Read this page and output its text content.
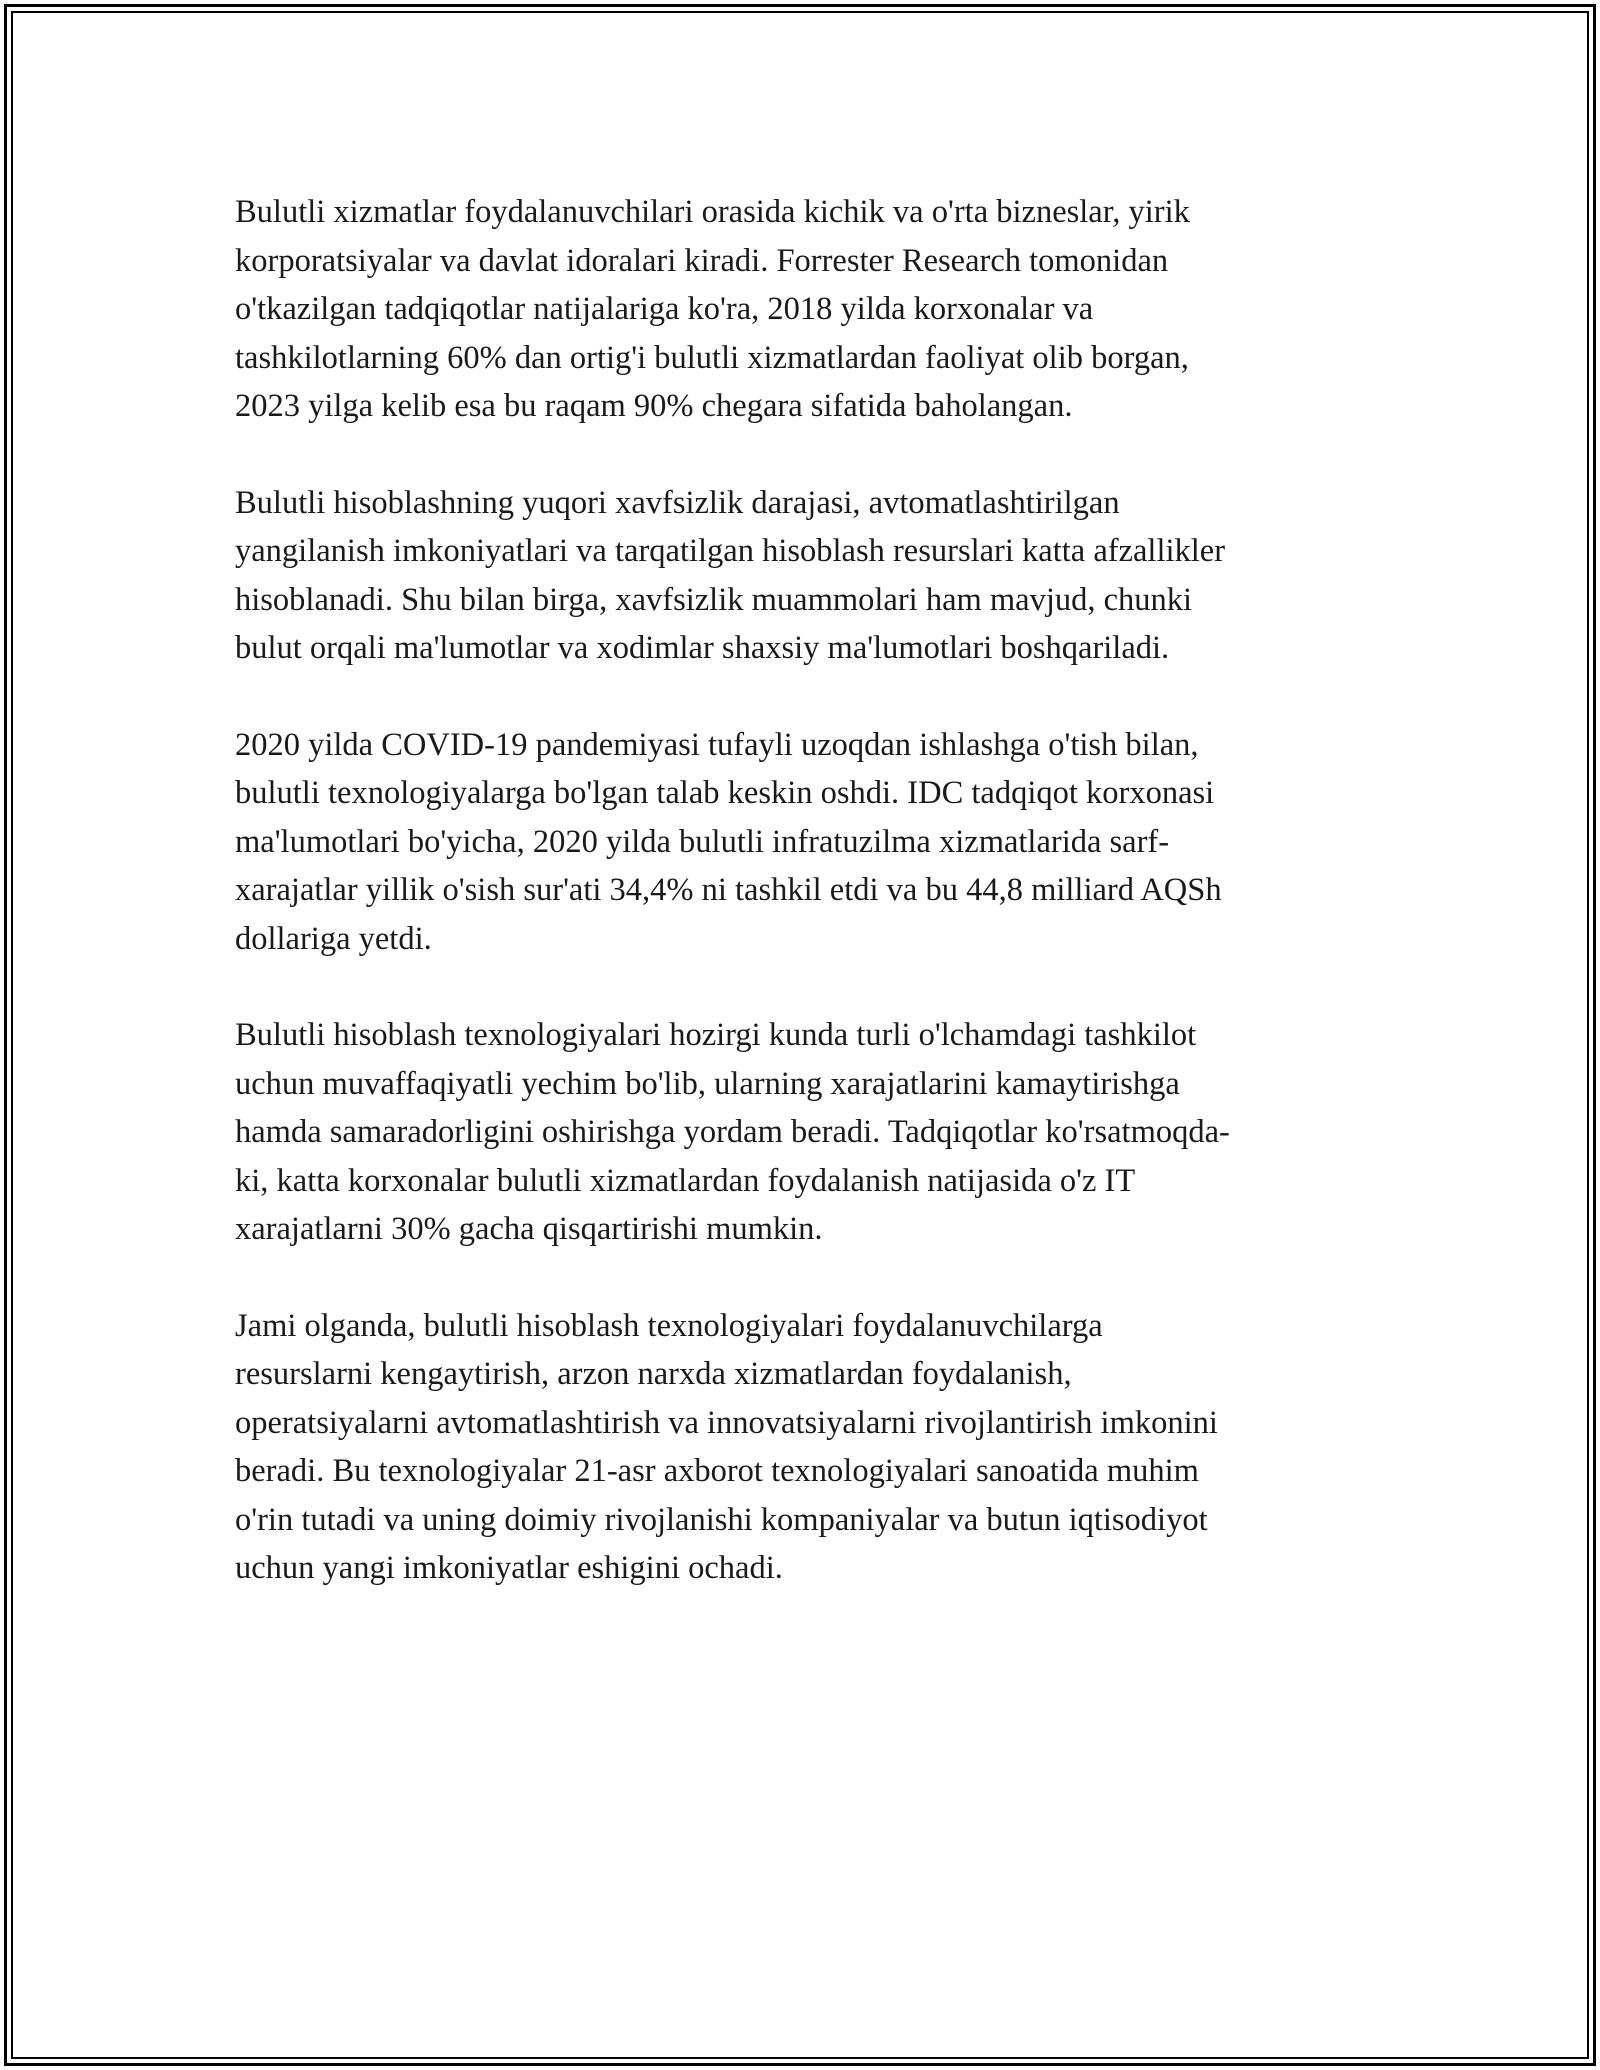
Bulutli xizmatlar foydalanuvchilari orasida kichik va o'rta bizneslar, yirik
korporatsiyalar va davlat idoralari kiradi. Forrester Research tomonidan
o'tkazilgan tadqiqotlar natijalariga ko'ra, 2018 yilda korxonalar va
tashkilotlarning 60% dan ortig'i bulutli xizmatlardan faoliyat olib borgan,
2023 yilga kelib esa bu raqam 90% chegara sifatida baholangan.

Bulutli hisoblashning yuqori xavfsizlik darajasi, avtomatlashtirilgan
yangilanish imkoniyatlari va tarqatilgan hisoblash resurslari katta afzallikler
hisoblanadi. Shu bilan birga, xavfsizlik muammolari ham mavjud, chunki
bulut orqali ma'lumotlar va xodimlar shaxsiy ma'lumotlari boshqariladi.

2020 yilda COVID-19 pandemiyasi tufayli uzoqdan ishlashga o'tish bilan,
bulutli texnologiyalarga bo'lgan talab keskin oshdi. IDC tadqiqot korxonasi
ma'lumotlari bo'yicha, 2020 yilda bulutli infratuzilma xizmatlarida sarf-
xarajatlar yillik o'sish sur'ati 34,4% ni tashkil etdi va bu 44,8 milliard AQSh
dollariga yetdi.

Bulutli hisoblash texnologiyalari hozirgi kunda turli o'lchamdagi tashkilot
uchun muvaffaqiyatli yechim bo'lib, ularning xarajatlarini kamaytirishga
hamda samaradorligini oshirishga yordam beradi. Tadqiqotlar ko'rsatmoqda-
ki, katta korxonalar bulutli xizmatlardan foydalanish natijasida o'z IT
xarajatlarni 30% gacha qisqartirishi mumkin.

Jami olganda, bulutli hisoblash texnologiyalari foydalanuvchilarga
resurslarni kengaytirish, arzon narxda xizmatlardan foydalanish,
operatsiyalarni avtomatlashtirish va innovatsiyalarni rivojlantirish imkonini
beradi. Bu texnologiyalar 21-asr axborot texnologiyalari sanoatida muhim
o'rin tutadi va uning doimiy rivojlanishi kompaniyalar va butun iqtisodiyot
uchun yangi imkoniyatlar eshigini ochadi.
